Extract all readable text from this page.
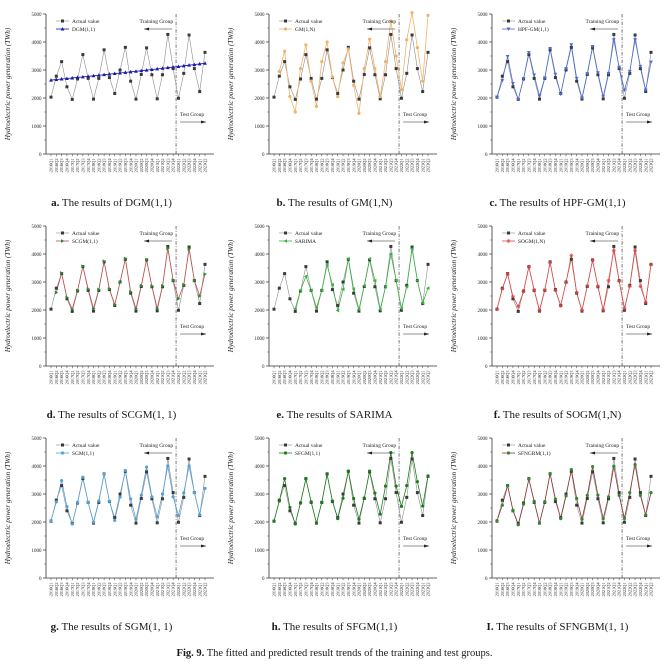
0
1000
2000
3000
4000
5000
2016Q1 2016Q2 2016Q3 2016Q4 2017Q1 2017Q2 2017Q3 2017Q4 2018Q1 2018Q2 2018Q3 2018Q4 2019Q1 2019Q2 2019Q3 2019Q4 2020Q1 2020Q2 2020Q3 2020Q4 2021Q1 2021Q2 2021Q3 2021Q4 2022Q1 2022Q2 2022Q3 2022Q4 2023Q1 2023Q2
Hydroelectric power generation (TWh)
Actual value
DGM(1,1)
Training Group
Test Group
a. The results of DGM(1,1)
0
1000
2000
3000
4000
5000
2016Q1 2016Q2 2016Q3 2016Q4 2017Q1 2017Q2 2017Q3 2017Q4 2018Q1 2018Q2 2018Q3 2018Q4 2019Q1 2019Q2 2019Q3 2019Q4 2020Q1 2020Q2 2020Q3 2020Q4 2021Q1 2021Q2 2021Q3 2021Q4 2022Q1 2022Q2 2022Q3 2022Q4 2023Q1 2023Q2
Hydroelectric power generation (TWh)
Actual value
GM(1,N)
Training Group
Test Group
b. The results of GM(1,N)
0
1000
2000
3000
4000
5000
2016Q1 2016Q2 2016Q3 2016Q4 2017Q1 2017Q2 2017Q3 2017Q4 2018Q1 2018Q2 2018Q3 2018Q4 2019Q1 2019Q2 2019Q3 2019Q4 2020Q1 2020Q2 2020Q3 2020Q4 2021Q1 2021Q2 2021Q3 2021Q4 2022Q1 2022Q2 2022Q3 2022Q4 2023Q1 2023Q2
Hydroelectric power generation (TWh)
Actual value
HPF-GM(1,1)
Training Group
Test Group
c. The results of HPF-GM(1,1)
0
1000
2000
3000
4000
5000
2016Q1 2016Q2 2016Q3 2016Q4 2017Q1 2017Q2 2017Q3 2017Q4 2018Q1 2018Q2 2018Q3 2018Q4 2019Q1 2019Q2 2019Q3 2019Q4 2020Q1 2020Q2 2020Q3 2020Q4 2021Q1 2021Q2 2021Q3 2021Q4 2022Q1 2022Q2 2022Q3 2022Q4 2023Q1 2023Q2
Hydroelectric power generation (TWh)
Actual value
SCGM(1,1)
Training Group
Test Group
d. The results of SCGM(1, 1)
0
1000
2000
3000
4000
5000
2016Q1 2016Q2 2016Q3 2016Q4 2017Q1 2017Q2 2017Q3 2017Q4 2018Q1 2018Q2 2018Q3 2018Q4 2019Q1 2019Q2 2019Q3 2019Q4 2020Q1 2020Q2 2020Q3 2020Q4 2021Q1 2021Q2 2021Q3 2021Q4 2022Q1 2022Q2 2022Q3 2022Q4 2023Q1 2023Q2
Hydroelectric power generation (TWh)
Actual value
SARIMA
Training Group
Test Group
e. The results of SARIMA
0
1000
2000
3000
4000
5000
2016Q1 2016Q2 2016Q3 2016Q4 2017Q1 2017Q2 2017Q3 2017Q4 2018Q1 2018Q2 2018Q3 2018Q4 2019Q1 2019Q2 2019Q3 2019Q4 2020Q1 2020Q2 2020Q3 2020Q4 2021Q1 2021Q2 2021Q3 2021Q4 2022Q1 2022Q2 2022Q3 2022Q4 2023Q1 2023Q2
Hydroelectric power generation (TWh)
Actual value
SOGM(1,N)
Training Group
Test Group
f. The results of SOGM(1,N)
0
1000
2000
3000
4000
5000
2016Q1 2016Q2 2016Q3 2016Q4 2017Q1 2017Q2 2017Q3 2017Q4 2018Q1 2018Q2 2018Q3 2018Q4 2019Q1 2019Q2 2019Q3 2019Q4 2020Q1 2020Q2 2020Q3 2020Q4 2021Q1 2021Q2 2021Q3 2021Q4 2022Q1 2022Q2 2022Q3 2022Q4 2023Q1 2023Q2
Hydroelectric power generation (TWh)
Actual value
SGM(1,1)
Training Group
Test Group
g. The results of SGM(1, 1)
0
1000
2000
3000
4000
5000
2016Q1 2016Q2 2016Q3 2016Q4 2017Q1 2017Q2 2017Q3 2017Q4 2018Q1 2018Q2 2018Q3 2018Q4 2019Q1 2019Q2 2019Q3 2019Q4 2020Q1 2020Q2 2020Q3 2020Q4 2021Q1 2021Q2 2021Q3 2021Q4 2022Q1 2022Q2 2022Q3 2022Q4 2023Q1 2023Q2
Hydroelectric power generation (TWh)
Actual value
SFGM(1,1)
Training Group
Test Group
h. The results of SFGM(1,1)
0
1000
2000
3000
4000
5000
2016Q1 2016Q2 2016Q3 2016Q4 2017Q1 2017Q2 2017Q3 2017Q4 2018Q1 2018Q2 2018Q3 2018Q4 2019Q1 2019Q2 2019Q3 2019Q4 2020Q1 2020Q2 2020Q3 2020Q4 2021Q1 2021Q2 2021Q3 2021Q4 2022Q1 2022Q2 2022Q3 2022Q4 2023Q1 2023Q2
Hydroelectric power generation (TWh)
Actual value
SFNGBM(1,1)
Training Group
Test Group
I. The results of SFNGBM(1, 1)
Fig. 9. The fitted and predicted result trends of the training and test groups.
